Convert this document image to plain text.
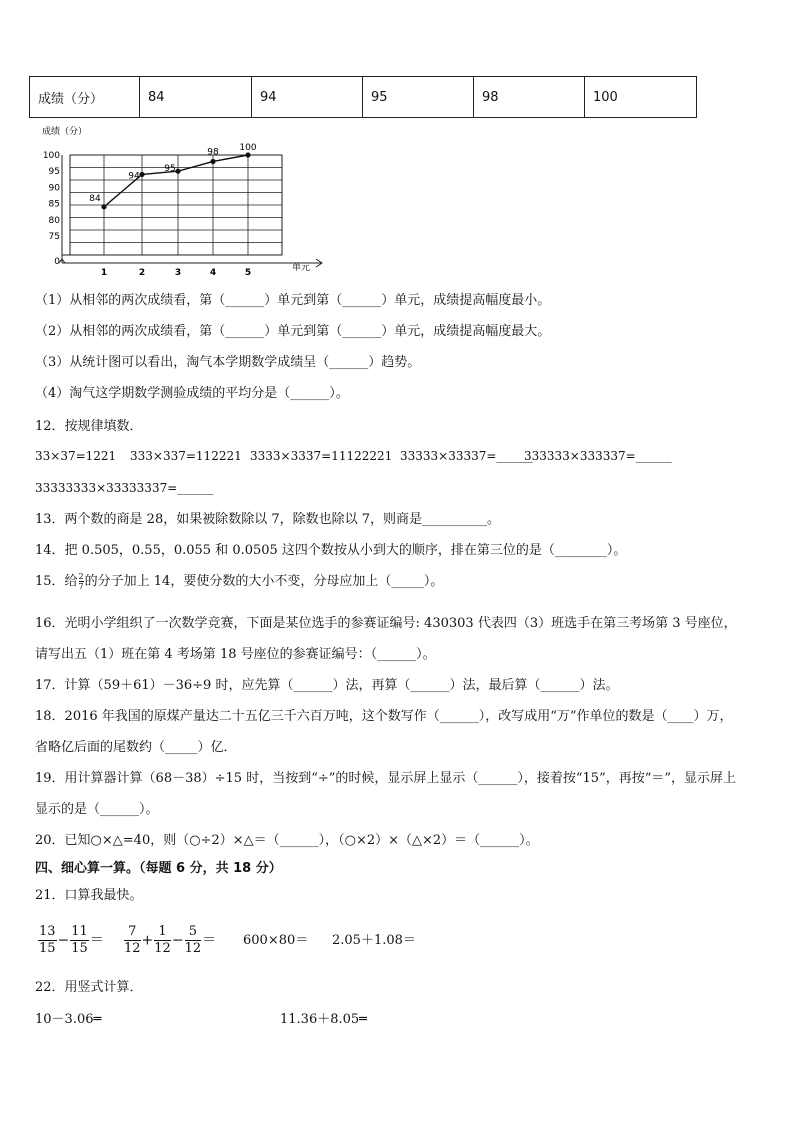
成绩（分）	84	94	95	98	100
成绩（分）
单元
100
95
90
85
80
75
0
1	2	3	4	5
84
94
95
98 100
（1）从相邻的两次成绩看，第（______）单元到第（______）单元，成绩提高幅度最小。
（2）从相邻的两次成绩看，第（______）单元到第（______）单元，成绩提高幅度最大。
（3）从统计图可以看出，淘气本学期数学成绩呈（______）趋势。
（4）淘气这学期数学测验成绩的平均分是（______）。
12．按规律填数．
33×37=1221 333×337=112221 3333×3337=11122221 33333×33337=______
333333×333337=______
33333333×33333337=______
13．两个数的商是 28，如果被除数除以 7，除数也除以 7，则商是__________。
14．把 0.505，0.55，0.055 和 0.0505 这四个数按从小到大的顺序，排在第三位的是（________）。
15．给 $\frac{2}{7}$ 的分子加上 14，要使分数的大小不变，分母应加上（_____）。
16．光明小学组织了一次数学竞赛，下面是某位选手的参赛证编号: 430303 代表四（3）班选手在第三考场第 3 号座位，
请写出五（1）班在第 4 考场第 18 号座位的参赛证编号：（______）。
17．计算（59＋61）－36÷9 时，应先算（______）法，再算（______）法，最后算（______）法。
18．2016 年我国的原煤产量达二十五亿三千六百万吨，这个数写作（______），改写成用“万”作单位的数是（____）万，
省略亿后面的尾数约（_____）亿．
19．用计算器计算（68－38）÷15 时，当按到“÷”的时候，显示屏上显示（______），接着按“15”，再按“＝”，显示屏上
显示的是（______）。
20．已知○×△=40，则（○÷2）×△＝（______），（○×2）×（△×2）＝（______）。
四、细心算一算。（每题 6 分，共 18 分）
21．口算我最快。
$\frac{13}{15} - \frac{11}{15} = \frac{7}{12} + \frac{1}{12} - \frac{5}{12} = 600\times 80= 2.05+1.08=$
22．用竖式计算．
10－3.06═	11.36＋8.05═
